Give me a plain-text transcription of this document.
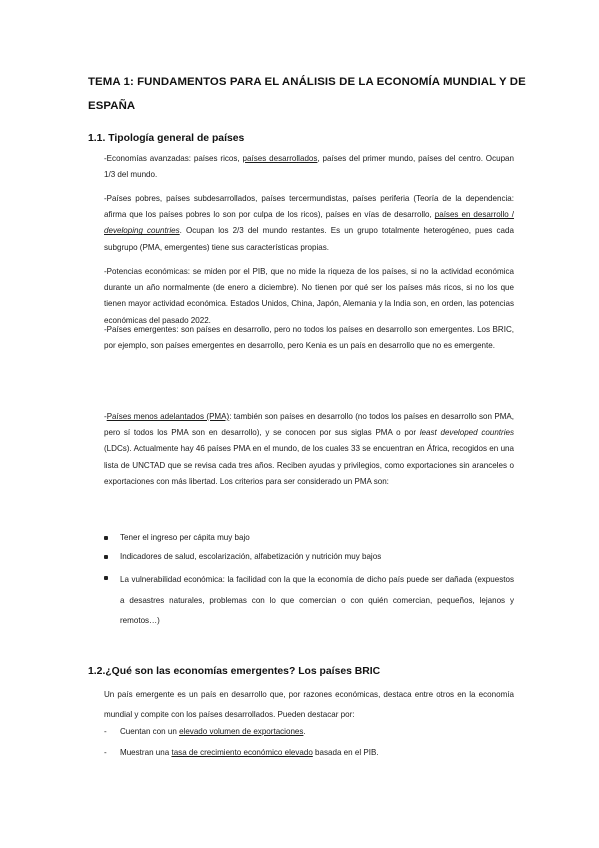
TEMA 1: FUNDAMENTOS PARA EL ANÁLISIS DE LA ECONOMÍA MUNDIAL Y DE ESPAÑA
1.1. Tipología general de países
-Economías avanzadas: países ricos, países desarrollados, países del primer mundo, países del centro. Ocupan 1/3 del mundo.
-Países pobres, países subdesarrollados, países tercermundistas, países periferia (Teoría de la dependencia: afirma que los países pobres lo son por culpa de los ricos), países en vías de desarrollo, países en desarrollo / developing countries. Ocupan los 2/3 del mundo restantes. Es un grupo totalmente heterogéneo, pues cada subgrupo (PMA, emergentes) tiene sus características propias.
-Potencias económicas: se miden por el PIB, que no mide la riqueza de los países, si no la actividad económica durante un año normalmente (de enero a diciembre). No tienen por qué ser los países más ricos, si no los que tienen mayor actividad económica. Estados Unidos, China, Japón, Alemania y la India son, en orden, las potencias económicas del pasado 2022.
-Países emergentes: son países en desarrollo, pero no todos los países en desarrollo son emergentes. Los BRIC, por ejemplo, son países emergentes en desarrollo, pero Kenia es un país en desarrollo que no es emergente.
-Países menos adelantados (PMA): también son países en desarrollo (no todos los países en desarrollo son PMA, pero sí todos los PMA son en desarrollo), y se conocen por sus siglas PMA o por least developed countries (LDCs). Actualmente hay 46 países PMA en el mundo, de los cuales 33 se encuentran en África, recogidos en una lista de UNCTAD que se revisa cada tres años. Reciben ayudas y privilegios, como exportaciones sin aranceles o exportaciones con más libertad. Los criterios para ser considerado un PMA son:
Tener el ingreso per cápita muy bajo
Indicadores de salud, escolarización, alfabetización y nutrición muy bajos
La vulnerabilidad económica: la facilidad con la que la economía de dicho país puede ser dañada (expuestos a desastres naturales, problemas con lo que comercian o con quién comercian, pequeños, lejanos y remotos…)
1.2.¿Qué son las economías emergentes? Los países BRIC
Un país emergente es un país en desarrollo que, por razones económicas, destaca entre otros en la economía mundial y compite con los países desarrollados. Pueden destacar por:
-	Cuentan con un elevado volumen de exportaciones.
-	Muestran una tasa de crecimiento económico elevado basada en el PIB.
